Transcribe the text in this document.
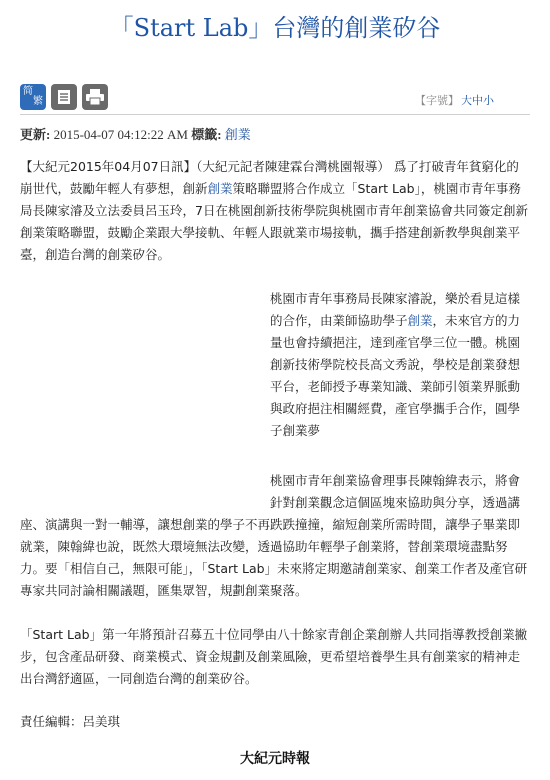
「Start Lab」台灣的創業矽谷
简
繁	【字號】 大中小
更新: 2015-04-07 04:12:22 AM 標籤: 創業
【大紀元2015年04月07日訊】（大紀元記者陳建霖台灣桃園報導） 爲了打破青年貧窮化的崩世代，鼓勵年輕人有夢想，創新創業策略聯盟將合作成立「Start Lab」，桃園市青年事務局長陳家濬及立法委員呂玉玲，7日在桃園創新技術學院與桃園市青年創業協會共同簽定創新創業策略聯盟，鼓勵企業跟大學接軌、年輕人跟就業市場接軌，攜手搭建創新教學與創業平臺，創造台灣的創業矽谷。
桃園市青年事務局長陳家濬說，樂於看見這樣的合作，由業師協助學子創業，未來官方的力量也會持續挹注，達到產官學三位一體。桃園創新技術學院校長高文秀說，學校是創業發想平台，老師授予專業知識、業師引領業界脈動與政府挹注相關經費，產官學攜手合作，圓學子創業夢
桃園市青年創業協會理事長陳翰緯表示，將會針對創業觀念這個區塊來協助與分享，透過講
座、演講與一對一輔導，讓想創業的學子不再跌跌撞撞，縮短創業所需時間，讓學子畢業即就業，陳翰緯也說，既然大環境無法改變，透過協助年輕學子創業將，替創業環境盡點努力。要「相信自己，無限可能」，「Start Lab」未來將定期邀請創業家、創業工作者及產官研專家共同討論相關議題，匯集眾智，規劃創業聚落。
「Start Lab」第一年將預計召募五十位同學由八十餘家青創企業創辦人共同指導教授創業撇步，包含產品研發、商業模式、資金規劃及創業風險，更希望培養學生具有創業家的精神走出台灣舒適區，一同創造台灣的創業矽谷。
責任編輯：呂美琪
大紀元時報
